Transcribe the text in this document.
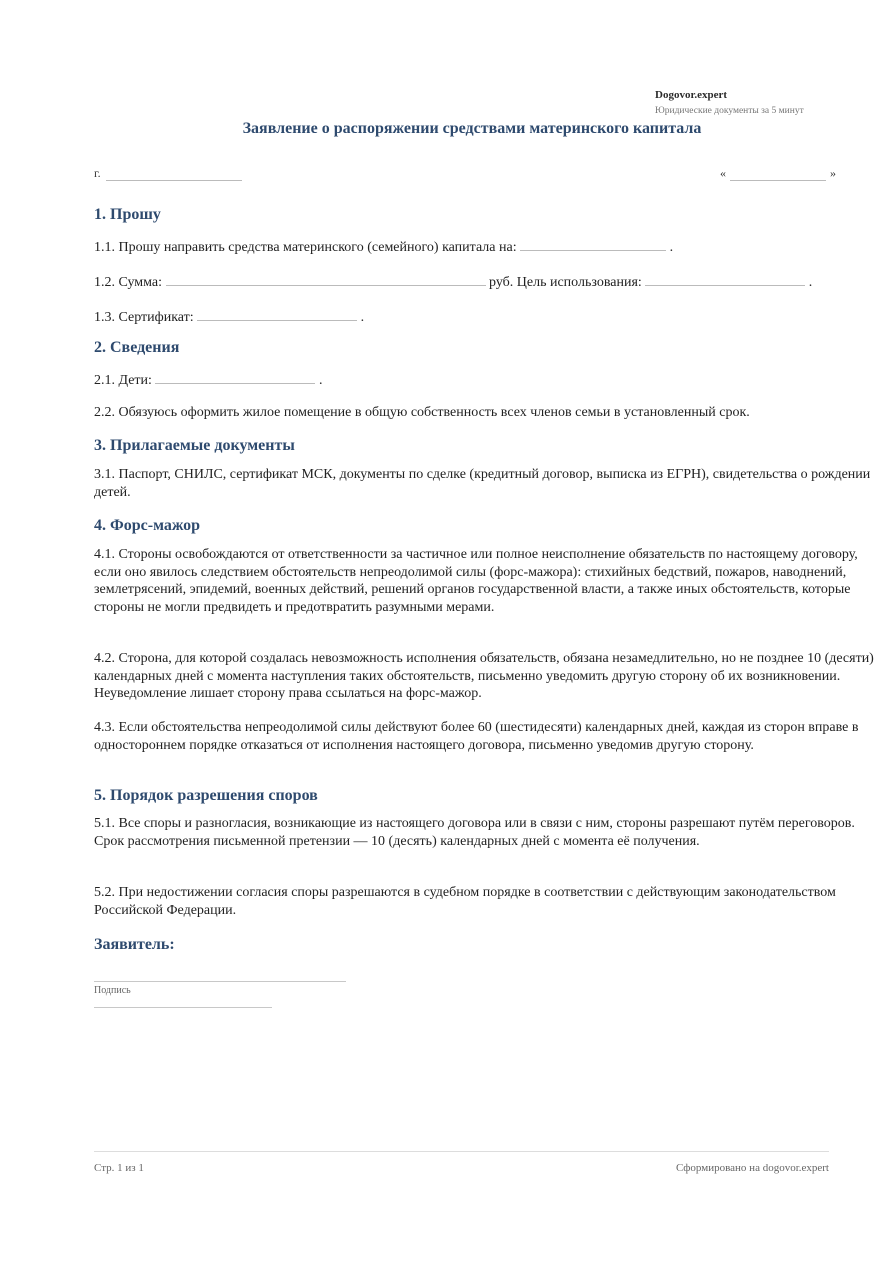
Dogovor.expert
Юридические документы за 5 минут
Заявление о распоряжении средствами материнского капитала
г.	«	»
1. Прошу

1.1. Прошу направить средства материнского (семейного) капитала на:	.

1.2. Сумма:	руб. Цель использования:	.

1.3. Сертификат:	.

2. Сведения

2.1. Дети:	.

2.2. Обязуюсь оформить жилое помещение в общую собственность всех членов семьи в установленный срок.

3. Прилагаемые документы

3.1. Паспорт, СНИЛС, сертификат МСК, документы по сделке (кредитный договор, выписка из ЕГРН), свидетельства о рождении детей.

4. Форс-мажор

4.1. Стороны освобождаются от ответственности за частичное или полное неисполнение обязательств по настоящему договору, если оно явилось следствием обстоятельств непреодолимой силы (форс-мажора): стихийных бедствий, пожаров, наводнений, землетрясений, эпидемий, военных действий, решений органов государственной власти, а также иных обстоятельств, которые стороны не могли предвидеть и предотвратить разумными мерами.

4.2. Сторона, для которой создалась невозможность исполнения обязательств, обязана незамедлительно, но не позднее 10 (десяти) календарных дней с момента наступления таких обстоятельств, письменно уведомить другую сторону об их возникновении. Неуведомление лишает сторону права ссылаться на форс-мажор.

4.3. Если обстоятельства непреодолимой силы действуют более 60 (шестидесяти) календарных дней, каждая из сторон вправе в одностороннем порядке отказаться от исполнения настоящего договора, письменно уведомив другую сторону.

5. Порядок разрешения споров

5.1. Все споры и разногласия, возникающие из настоящего договора или в связи с ним, стороны разрешают путём переговоров. Срок рассмотрения письменной претензии — 10 (десять) календарных дней с момента её получения.

5.2. При недостижении согласия споры разрешаются в судебном порядке в соответствии с действующим законодательством Российской Федерации.

Заявитель:
Подпись
Стр. 1 из 1	Сформировано на dogovor.expert
